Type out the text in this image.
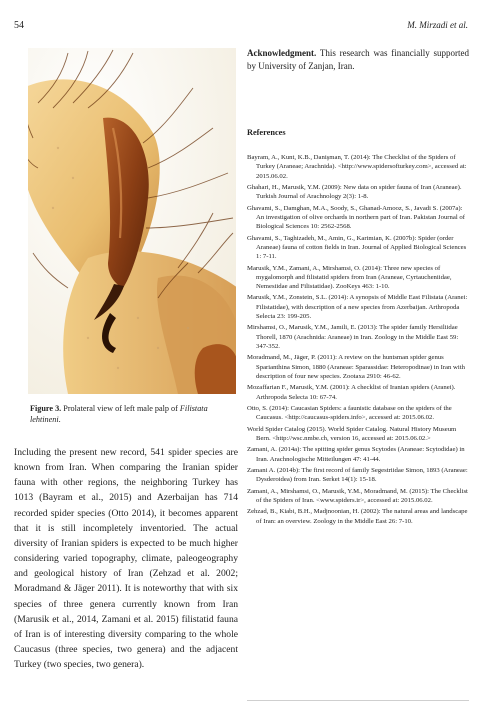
54	M. Mirzadi et al.
Figure 3. Prolateral view of left male palp of Filistata lehtineni.

Including the present new record, 541 spider species are known from Iran. When comparing the Iranian spider fauna with other regions, the neighboring Turkey has 1013 (Bayram et al., 2015) and Azerbaijan has 714 recorded spider species (Otto 2014), it becomes apparent that it is still incompletely inventoried. The actual diversity of Iranian spiders is expected to be much higher considering varied topography, climate, paleogeography and geological history of Iran (Zehzad et al. 2002; Moradmand & Jäger 2011). It is noteworthy that with six species of three genera currently known from Iran (Marusik et al., 2014, Zamani et al. 2015) filistatid fauna of Iran is of interesting diversity comparing to the whole Caucasus (three species, two genera) and the adjacent Turkey (two species, two genera).

Acknowledgment. This research was financially supported by University of Zanjan, Iran.

References
Bayram, A., Kunt, K.B., Danişman, T. (2014): The Checklist of the Spiders of Turkey (Araneae; Arachnida). <http://www.spidersofturkey.com>, accessed at: 2015.06.02.
Ghahari, H., Marusik, Y.M. (2009): New data on spider fauna of Iran (Araneae). Turkish Journal of Arachnology 2(3): 1-8.
Ghavami, S., Damghan, M.A., Soody, S., Ghanad-Amooz, S., Javadi S. (2007a): An investigation of olive orchards in northern part of Iran. Pakistan Journal of Biological Sciences 10: 2562-2568.
Ghavami, S., Taghizadeh, M., Amin, G., Karimian, K. (2007b): Spider (order Araneae) fauna of cotton fields in Iran. Journal of Applied Biological Sciences 1: 7-11.
Marusik, Y.M., Zamani, A., Mirshamsi, O. (2014): Three new species of mygalomorph and filistatid spiders from Iran (Araneae, Cyrtaucheniidae, Nemesiidae and Filistatidae). ZooKeys 463: 1-10.
Marusik, Y.M., Zonstein, S.L. (2014): A synopsis of Middle East Filistata (Aranei: Filistatidae), with description of a new species from Azerbaijan. Arthropoda Selecta 23: 199-205.
Mirshamsi, O., Marusik, Y.M., Jamili, E. (2013): The spider family Hersiliidae Thorell, 1870 (Arachnida: Araneae) in Iran. Zoology in the Middle East 59: 347-352.
Moradmand, M., Jäger, P. (2011): A review on the huntsman spider genus Sparianthina Simon, 1880 (Araneae: Sparassidae: Heteropodinae) in Iran with description of four new species. Zootaxa 2910: 46-62.
Mozaffarian F., Marusik, Y.M. (2001): A checklist of Iranian spiders (Aranei). Arthropoda Selecta 10: 67-74.
Otto, S. (2014): Caucasian Spiders: a faunistic database on the spiders of the Caucasus. <http://caucasus-spiders.info>, accessed at: 2015.06.02.
World Spider Catalog (2015). World Spider Catalog. Natural History Museum Bern. <http://wsc.nmbe.ch, version 16, accessed at: 2015.06.02.>
Zamani, A. (2014a): The spitting spider genus Scytodes (Araneae: Scytodidae) in Iran. Arachnologische Mitteilungen 47: 41-44.
Zamani A. (2014b): The first record of family Segestriidae Simon, 1893 (Araneae: Dysderoidea) from Iran. Serket 14(1): 15-18.
Zamani, A., Mirshamsi, O., Marusik, Y.M., Moradmand, M. (2015): The Checklist of the Spiders of Iran. <www.spiders.ir>, accessed at: 2015.06.02.
Zehzad, B., Kiabi, B.H., Madjnoonian, H. (2002): The natural areas and landscape of Iran: an overview. Zoology in the Middle East 26: 7-10.
